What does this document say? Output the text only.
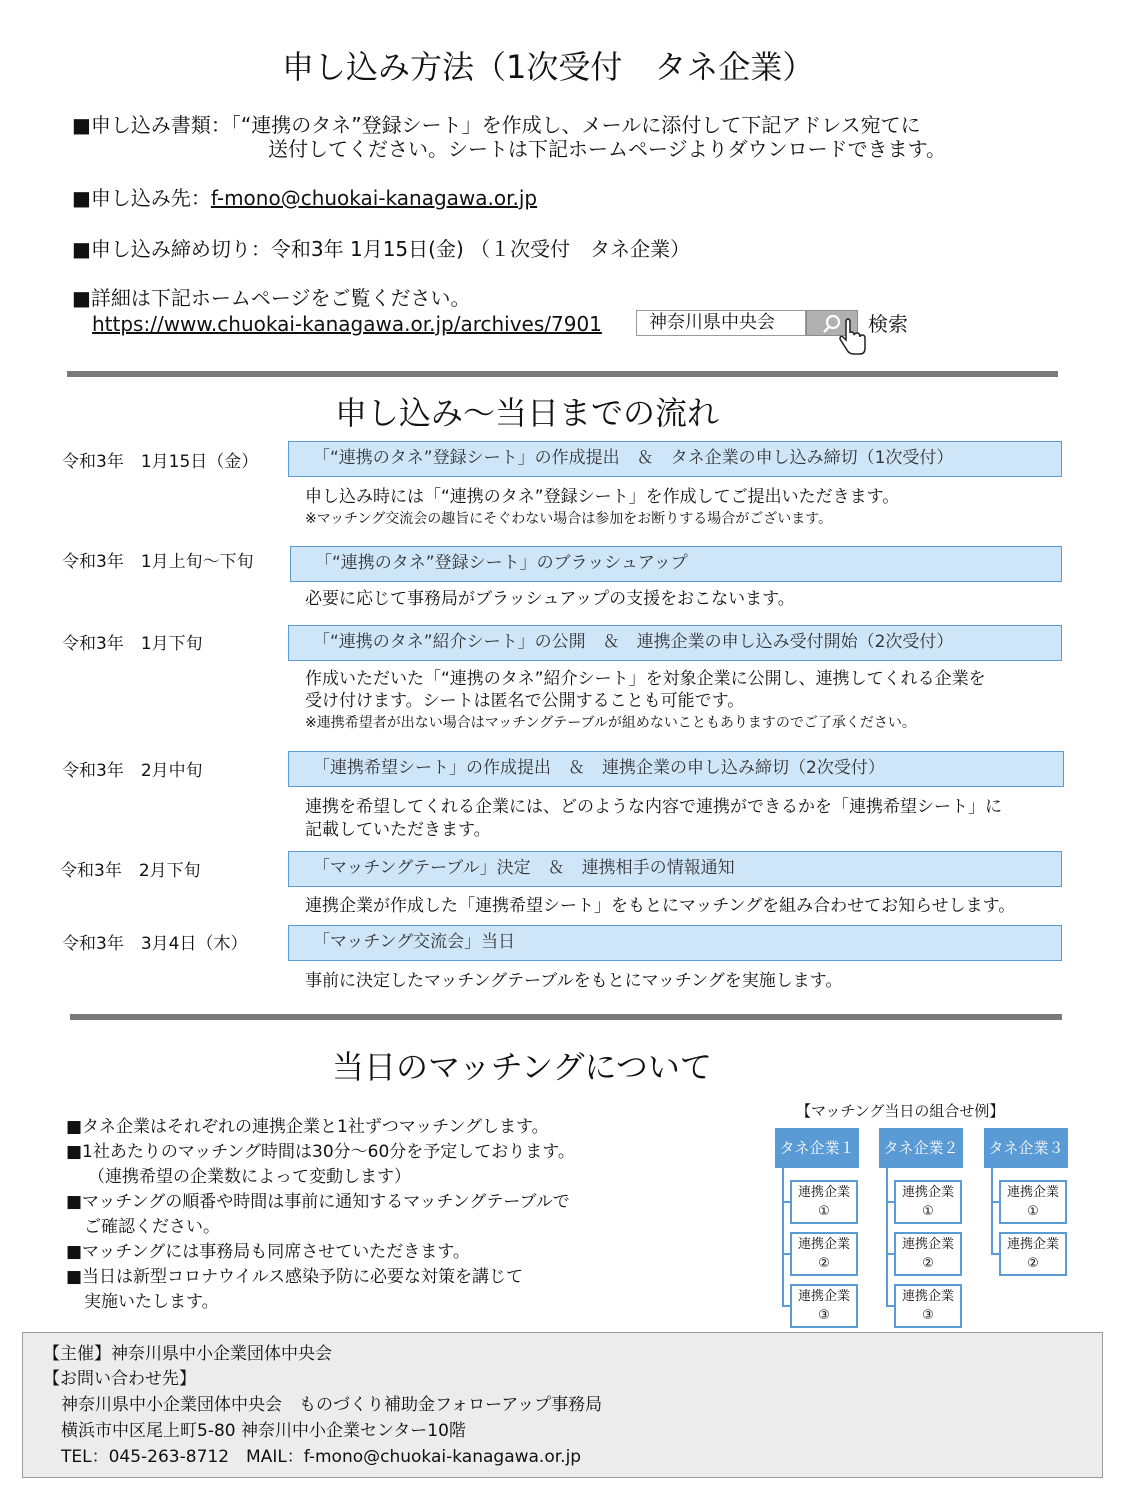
申し込み方法（1次受付　タネ企業）
■申し込み書類：「“連携のタネ”登録シート」を作成し、メールに添付して下記アドレス宛てに
送付してください。シートは下記ホームページよりダウンロードできます。
■申し込み先：f-mono@chuokai-kanagawa.or.jp
■申し込み締め切り：令和3年 1月15日(金) （１次受付　タネ企業）
■詳細は下記ホームページをご覧ください。
https://www.chuokai-kanagawa.or.jp/archives/7901	神奈川県中央会	検索
申し込み～当日までの流れ
令和3年　1月15日（金）	「“連携のタネ”登録シート」の作成提出　＆　タネ企業の申し込み締切（1次受付）
申し込み時には「“連携のタネ”登録シート」を作成してご提出いただきます。
※マッチング交流会の趣旨にそぐわない場合は参加をお断りする場合がございます。
令和3年　1月上旬～下旬	「“連携のタネ”登録シート」のブラッシュアップ
必要に応じて事務局がブラッシュアップの支援をおこないます。
令和3年　1月下旬	「“連携のタネ”紹介シート」の公開　＆　連携企業の申し込み受付開始（2次受付）
作成いただいた「“連携のタネ”紹介シート」を対象企業に公開し、連携してくれる企業を
受け付けます。シートは匿名で公開することも可能です。
※連携希望者が出ない場合はマッチングテーブルが組めないこともありますのでご了承ください。
令和3年　2月中旬	「連携希望シート」の作成提出　＆　連携企業の申し込み締切（2次受付）
連携を希望してくれる企業には、どのような内容で連携ができるかを「連携希望シート」に
記載していただきます。
令和3年　2月下旬	「マッチングテーブル」決定　＆　連携相手の情報通知
連携企業が作成した「連携希望シート」をもとにマッチングを組み合わせてお知らせします。
令和3年　3月4日（木）	「マッチング交流会」当日
事前に決定したマッチングテーブルをもとにマッチングを実施します。
当日のマッチングについて
■タネ企業はそれぞれの連携企業と1社ずつマッチングします。
■1社あたりのマッチング時間は30分～60分を予定しております。
（連携希望の企業数によって変動します）
■マッチングの順番や時間は事前に通知するマッチングテーブルで
ご確認ください。
■マッチングには事務局も同席させていただきます。
■当日は新型コロナウイルス感染予防に必要な対策を講じて
実施いたします。
【マッチング当日の組合せ例】
タネ企業１
連携企業
①
連携企業
②
連携企業
③
タネ企業２
連携企業
①
連携企業
②
連携企業
③
タネ企業３
連携企業
①
連携企業
②
【主催】神奈川県中小企業団体中央会
【お問い合わせ先】
神奈川県中小企業団体中央会　ものづくり補助金フォローアップ事務局
横浜市中区尾上町5-80 神奈川中小企業センター10階
TEL：045-263-8712　MAIL：f-mono@chuokai-kanagawa.or.jp
